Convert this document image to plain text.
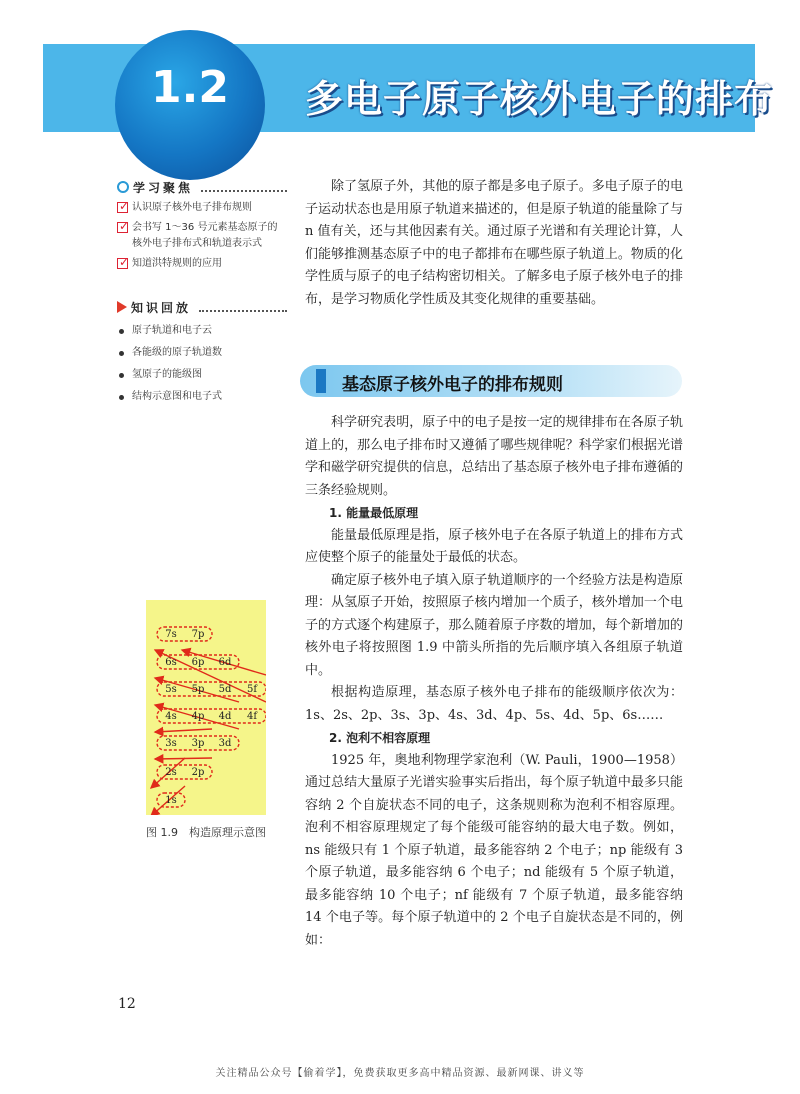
1.2	多电子原子核外电子的排布
学习聚焦
✓
认识原子核外电子排布规则
✓
会书写 1～36 号元素基态原子的核外电子排布式和轨道表示式
✓
知道洪特规则的应用
知识回放
原子轨道和电子云
各能级的原子轨道数
氢原子的能级图
结构示意图和电子式

除了氢原子外，其他的原子都是多电子原子。多电子原子的电子运动状态也是用原子轨道来描述的，但是原子轨道的能量除了与 n 值有关，还与其他因素有关。通过原子光谱和有关理论计算，人们能够推测基态原子中的电子都排布在哪些原子轨道上。物质的化学性质与原子的电子结构密切相关。了解多电子原子核外电子的排布，是学习物质化学性质及其变化规律的重要基础。

基态原子核外电子的排布规则

科学研究表明，原子中的电子是按一定的规律排布在各原子轨道上的，那么电子排布时又遵循了哪些规律呢？科学家们根据光谱学和磁学研究提供的信息，总结出了基态原子核外电子排布遵循的三条经验规则。

1. 能量最低原理

能量最低原理是指，原子核外电子在各原子轨道上的排布方式应使整个原子的能量处于最低的状态。

确定原子核外电子填入原子轨道顺序的一个经验方法是构造原理：从氢原子开始，按照原子核内增加一个质子，核外增加一个电子的方式逐个构建原子，那么随着原子序数的增加，每个新增加的核外电子将按照图 1.9 中箭头所指的先后顺序填入各组原子轨道中。

根据构造原理，基态原子核外电子排布的能级顺序依次为：1s、2s、2p、3s、3p、4s、3d、4p、5s、4d、5p、6s……

2. 泡利不相容原理

1925 年，奥地利物理学家泡利（W. Pauli，1900—1958）通过总结大量原子光谱实验事实后指出，每个原子轨道中最多只能容纳 2 个自旋状态不同的电子，这条规则称为泡利不相容原理。泡利不相容原理规定了每个能级可能容纳的最大电子数。例如，ns 能级只有 1 个原子轨道，最多能容纳 2 个电子；np 能级有 3 个原子轨道，最多能容纳 6 个电子；nd 能级有 5 个原子轨道，最多能容纳 10 个电子；nf 能级有 7 个原子轨道，最多能容纳 14 个电子等。每个原子轨道中的 2 个电子自旋状态是不同的，例如：

7s 7p
6s 6p 6d
5s 5p 5d 5f
4s 4p 4d 4f
3s 3p 3d
2s 2p
1s
图 1.9　构造原理示意图
12
关注精品公众号【偷着学】，免费获取更多高中精品资源、最新网课、讲义等
